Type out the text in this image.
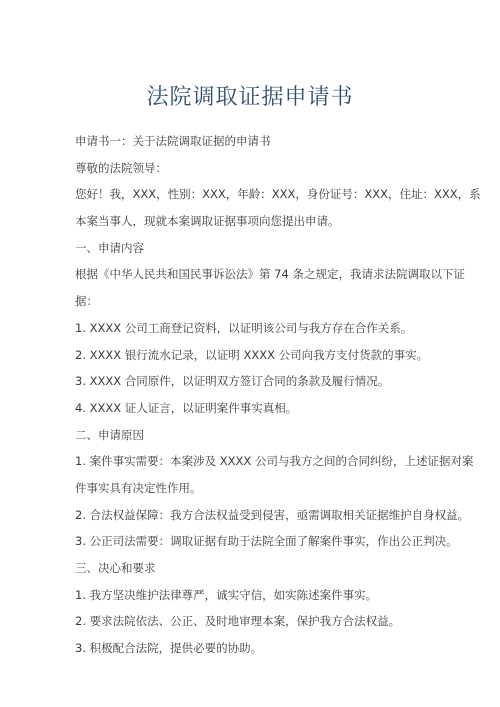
法院调取证据申请书
申请书一：关于法院调取证据的申请书
尊敬的法院领导：
您好！我，XXX，性别：XXX，年龄：XXX，身份证号：XXX，住址：XXX，系
本案当事人，现就本案调取证据事项向您提出申请。
一、申请内容
根据《中华人民共和国民事诉讼法》第 74 条之规定，我请求法院调取以下证
据：
1. XXXX 公司工商登记资料，以证明该公司与我方存在合作关系。
2. XXXX 银行流水记录，以证明 XXXX 公司向我方支付货款的事实。
3. XXXX 合同原件，以证明双方签订合同的条款及履行情况。
4. XXXX 证人证言，以证明案件事实真相。
二、申请原因
1. 案件事实需要：本案涉及 XXXX 公司与我方之间的合同纠纷，上述证据对案
件事实具有决定性作用。
2. 合法权益保障：我方合法权益受到侵害，亟需调取相关证据维护自身权益。
3. 公正司法需要：调取证据有助于法院全面了解案件事实，作出公正判决。
三、决心和要求
1. 我方坚决维护法律尊严，诚实守信，如实陈述案件事实。
2. 要求法院依法、公正、及时地审理本案，保护我方合法权益。
3. 积极配合法院，提供必要的协助。
